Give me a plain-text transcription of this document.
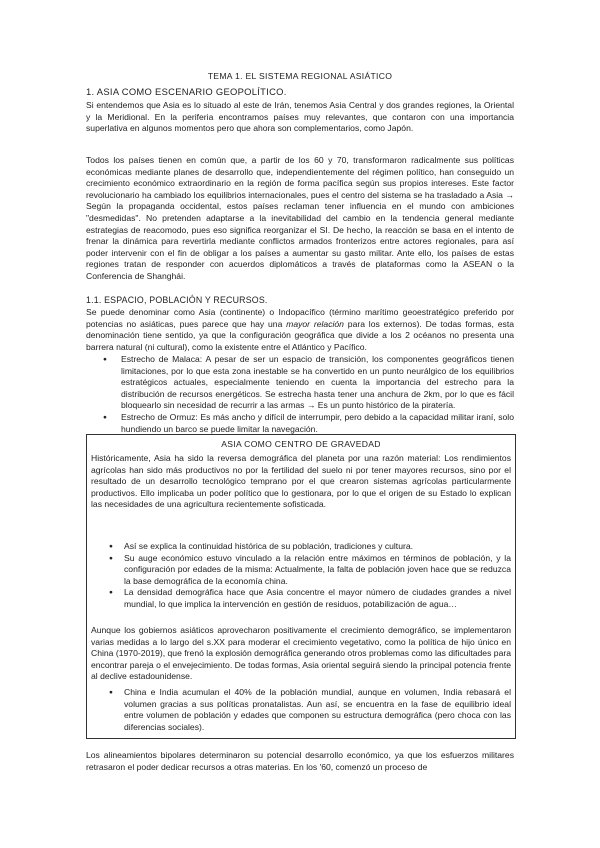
TEMA 1. EL SISTEMA REGIONAL ASIÁTICO
1. ASIA COMO ESCENARIO GEOPOLÍTICO.

Si entendemos que Asia es lo situado al este de Irán, tenemos Asia Central y dos grandes regiones, la Oriental y la Meridional. En la periferia encontramos países muy relevantes, que contaron con una importancia superlativa en algunos momentos pero que ahora son complementarios, como Japón.

Todos los países tienen en común que, a partir de los 60 y 70, transformaron radicalmente sus políticas económicas mediante planes de desarrollo que, independientemente del régimen político, han conseguido un crecimiento económico extraordinario en la región de forma pacífica según sus propios intereses. Este factor revolucionario ha cambiado los equilibrios internacionales, pues el centro del sistema se ha trasladado a Asia → Según la propaganda occidental, estos países reclaman tener influencia en el mundo con ambiciones "desmedidas". No pretenden adaptarse a la inevitabilidad del cambio en la tendencia general mediante estrategias de reacomodo, pues eso significa reorganizar el SI. De hecho, la reacción se basa en el intento de frenar la dinámica para revertirla mediante conflictos armados fronterizos entre actores regionales, para así poder intervenir con el fin de obligar a los países a aumentar su gasto militar. Ante ello, los países de estas regiones tratan de responder con acuerdos diplomáticos a través de plataformas como la ASEAN o la Conferencia de Shanghái.

1.1. ESPACIO, POBLACIÓN Y RECURSOS.

Se puede denominar como Asia (continente) o Indopacífico (término marítimo geoestratégico preferido por potencias no asiáticas, pues parece que hay una mayor relación para los externos). De todas formas, esta denominación tiene sentido, ya que la configuración geográfica que divide a los 2 océanos no presenta una barrera natural (ni cultural), como la existente entre el Atlántico y Pacífico.

● Estrecho de Malaca: A pesar de ser un espacio de transición, los componentes geográficos tienen limitaciones, por lo que esta zona inestable se ha convertido en un punto neurálgico de los equilibrios estratégicos actuales, especialmente teniendo en cuenta la importancia del estrecho para la distribución de recursos energéticos. Se estrecha hasta tener una anchura de 2km, por lo que es fácil bloquearlo sin necesidad de recurrir a las armas → Es un punto histórico de la piratería.
● Estrecho de Ormuz: Es más ancho y difícil de interrumpir, pero debido a la capacidad militar iraní, solo hundiendo un barco se puede limitar la navegación.
ASIA COMO CENTRO DE GRAVEDAD

Históricamente, Asia ha sido la reversa demográfica del planeta por una razón material: Los rendimientos agrícolas han sido más productivos no por la fertilidad del suelo ni por tener mayores recursos, sino por el resultado de un desarrollo tecnológico temprano por el que crearon sistemas agrícolas particularmente productivos. Ello implicaba un poder político que lo gestionara, por lo que el origen de su Estado lo explican las necesidades de una agricultura recientemente sofisticada.

● Así se explica la continuidad histórica de su población, tradiciones y cultura.
● Su auge económico estuvo vinculado a la relación entre máximos en términos de población, y la configuración por edades de la misma: Actualmente, la falta de población joven hace que se reduzca la base demográfica de la economía china.
● La densidad demográfica hace que Asia concentre el mayor número de ciudades grandes a nivel mundial, lo que implica la intervención en gestión de residuos, potabilización de agua…

Aunque los gobiernos asiáticos aprovecharon positivamente el crecimiento demográfico, se implementaron varias medidas a lo largo del s.XX para moderar el crecimiento vegetativo, como la política de hijo único en China (1970-2019), que frenó la explosión demográfica generando otros problemas como las dificultades para encontrar pareja o el envejecimiento. De todas formas, Asia oriental seguirá siendo la principal potencia frente al declive estadounidense.

● China e India acumulan el 40% de la población mundial, aunque en volumen, India rebasará el volumen gracias a sus políticas pronatalistas. Aun así, se encuentra en la fase de equilibrio ideal entre volumen de población y edades que componen su estructura demográfica (pero choca con las diferencias sociales).

Los alineamientos bipolares determinaron su potencial desarrollo económico, ya que los esfuerzos militares retrasaron el poder dedicar recursos a otras materias. En los '60, comenzó un proceso de
